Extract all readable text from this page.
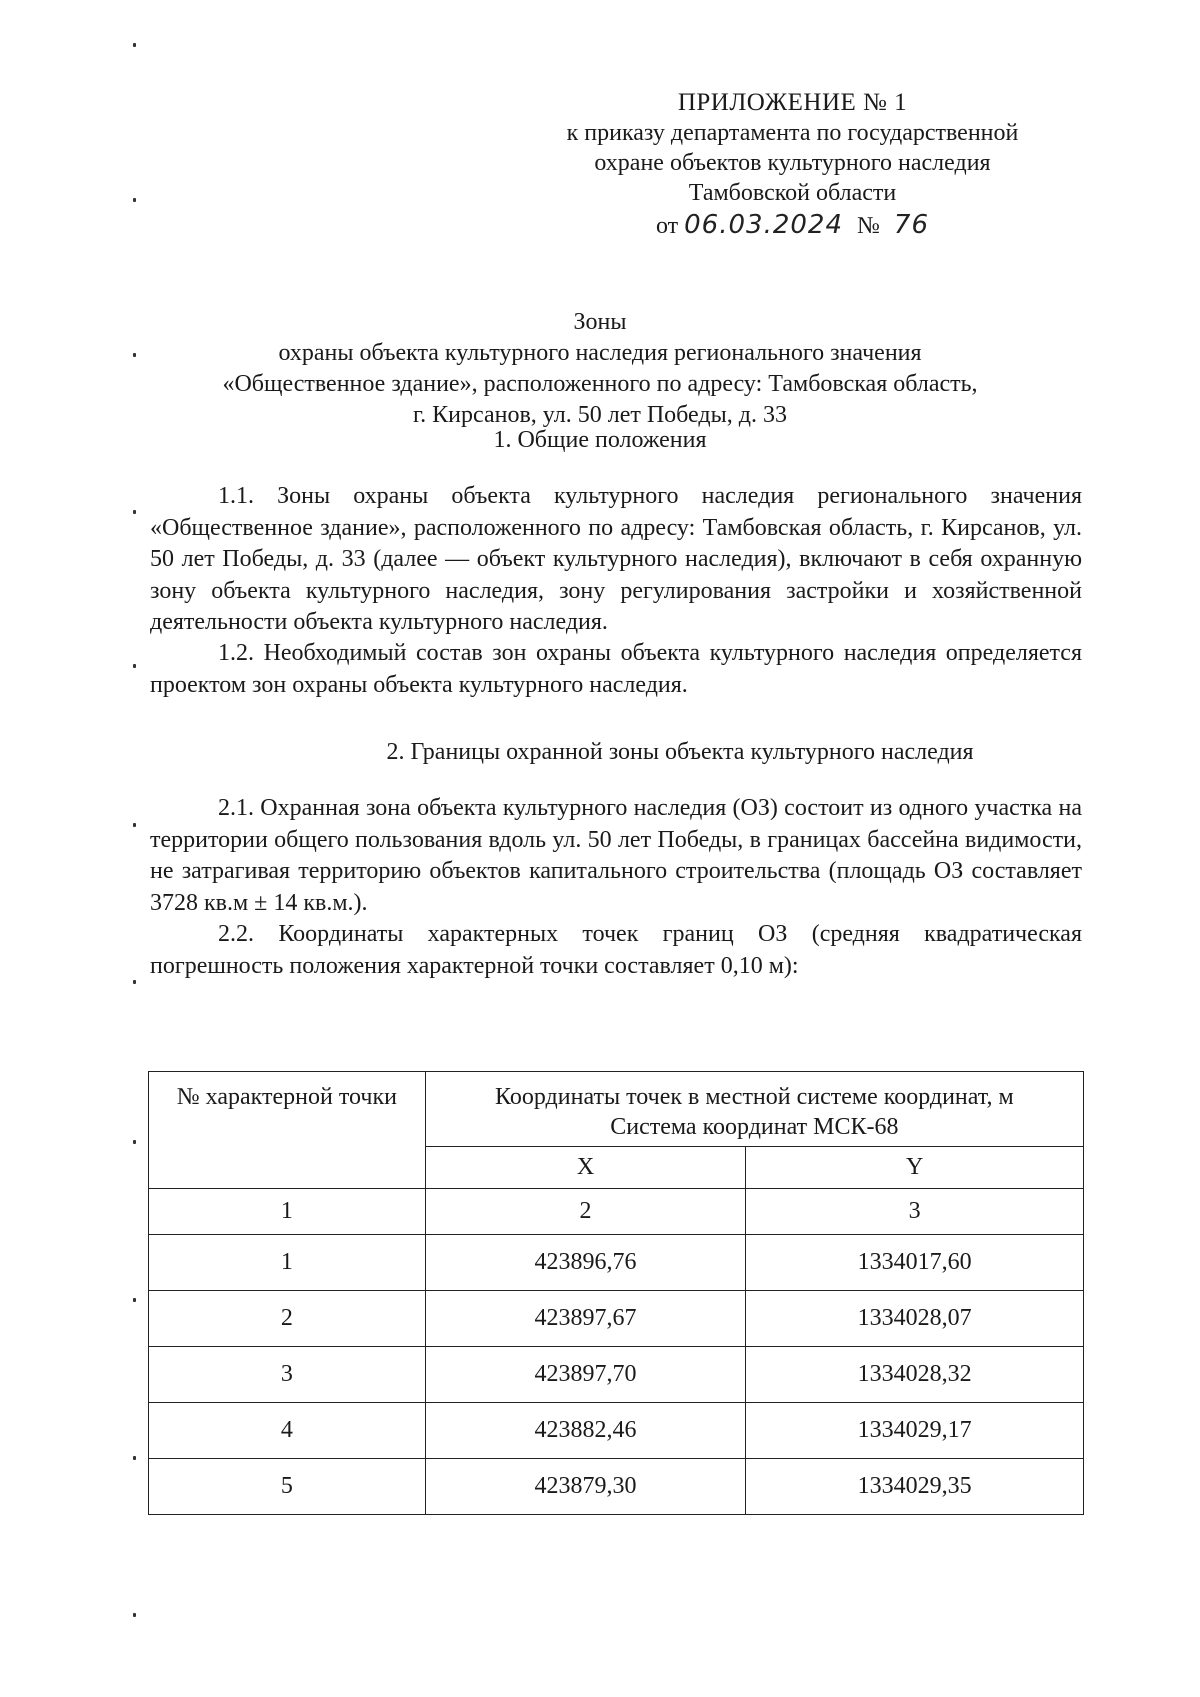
ПРИЛОЖЕНИЕ № 1
к приказу департамента по государственной
охране объектов культурного наследия
Тамбовской области
от 06.03.2024 № 76
Зоны
охраны объекта культурного наследия регионального значения
«Общественное здание», расположенного по адресу: Тамбовская область,
г. Кирсанов, ул. 50 лет Победы, д. 33
1. Общие положения
1.1. Зоны охраны объекта культурного наследия регионального значения «Общественное здание», расположенного по адресу: Тамбовская область, г. Кирсанов, ул. 50 лет Победы, д. 33 (далее — объект культурного наследия), включают в себя охранную зону объекта культурного наследия, зону регулирования застройки и хозяйственной деятельности объекта культурного наследия.
1.2. Необходимый состав зон охраны объекта культурного наследия определяется проектом зон охраны объекта культурного наследия.
2. Границы охранной зоны объекта культурного наследия
2.1. Охранная зона объекта культурного наследия (ОЗ) состоит из одного участка на территории общего пользования вдоль ул. 50 лет Победы, в границах бассейна видимости, не затрагивая территорию объектов капитального строительства (площадь ОЗ составляет 3728 кв.м ± 14 кв.м.).
2.2. Координаты характерных точек границ ОЗ (средняя квадратическая погрешность положения характерной точки составляет 0,10 м):
№ характерной точки	Координаты точек в местной системе координат, м
Система координат МСК-68	

	X	Y
1	2	3
1	423896,76	1334017,60
2	423897,67	1334028,07
3	423897,70	1334028,32
4	423882,46	1334029,17
5	423879,30	1334029,35
